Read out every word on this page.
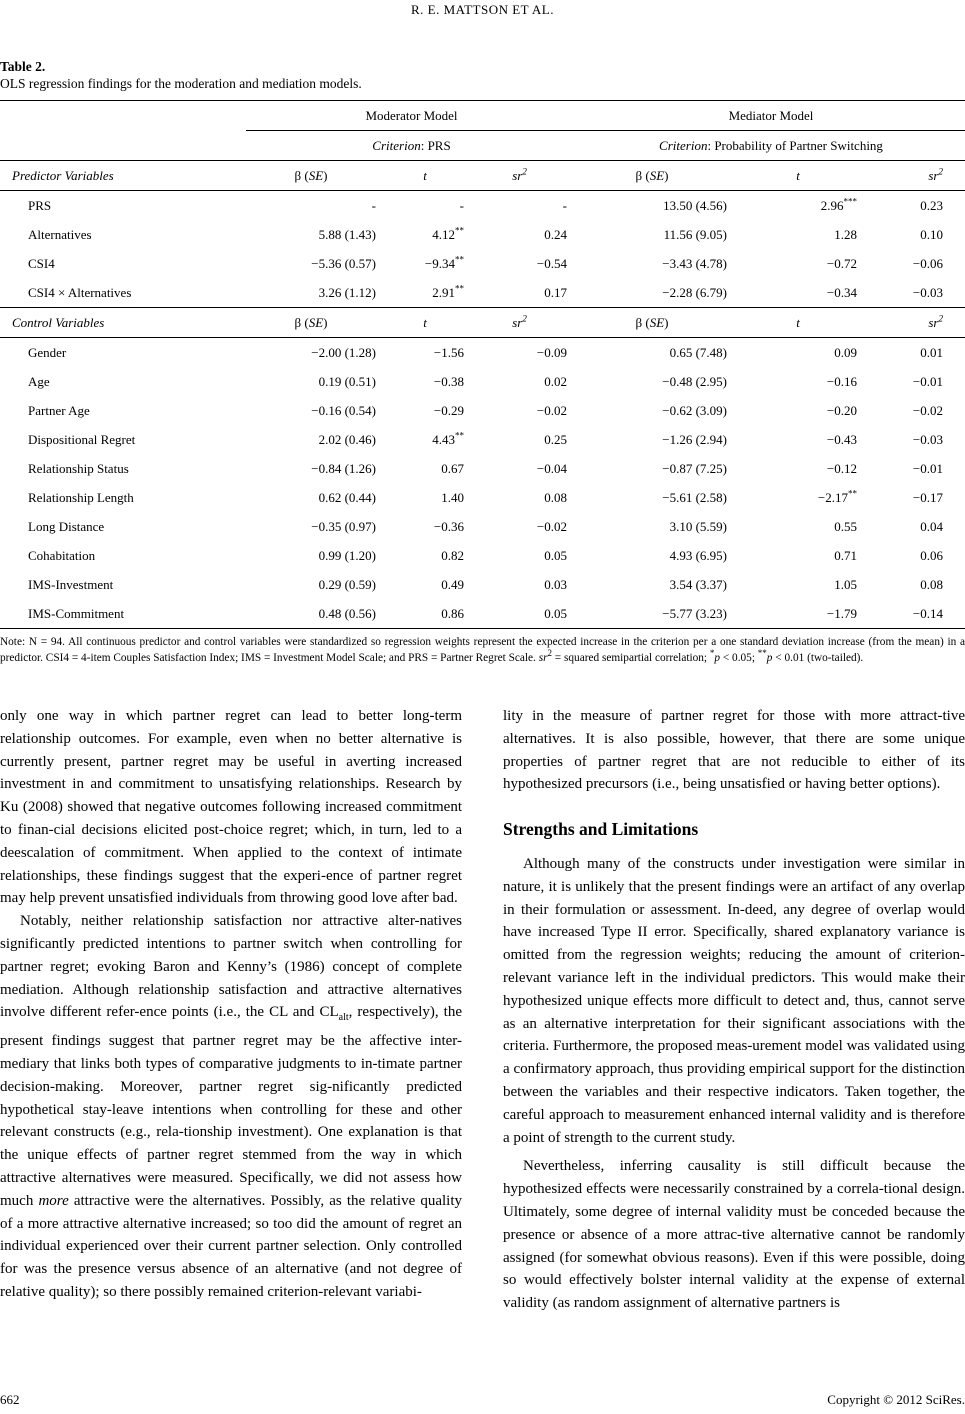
R. E. MATTSON ET AL.
Table 2.
OLS regression findings for the moderation and mediation models.
	Moderator Model			Mediator Model		
	Criterion: PRS			Criterion: Probability of Partner Switching		
Predictor Variables	β (SE)	t	$sr^2$	β (SE)	t	$sr^2$
PRS	-	-	-	13.50 (4.56)	2.96***	0.23
Alternatives	5.88 (1.43)	4.12**	0.24	11.56 (9.05)	1.28	0.10
CSI4	−5.36 (0.57)	−9.34**	−0.54	−3.43 (4.78)	−0.72	−0.06
CSI4 × Alternatives	3.26 (1.12)	2.91**	0.17	−2.28 (6.79)	−0.34	−0.03
Control Variables	β (SE)	t	$sr^2$	β (SE)	t	$sr^2$
Gender	−2.00 (1.28)	−1.56	−0.09	0.65 (7.48)	0.09	0.01
Age	0.19 (0.51)	−0.38	0.02	−0.48 (2.95)	−0.16	−0.01
Partner Age	−0.16 (0.54)	−0.29	−0.02	−0.62 (3.09)	−0.20	−0.02
Dispositional Regret	2.02 (0.46)	4.43**	0.25	−1.26 (2.94)	−0.43	−0.03
Relationship Status	−0.84 (1.26)	0.67	−0.04	−0.87 (7.25)	−0.12	−0.01
Relationship Length	0.62 (0.44)	1.40	0.08	−5.61 (2.58)	−2.17**	−0.17
Long Distance	−0.35 (0.97)	−0.36	−0.02	3.10 (5.59)	0.55	0.04
Cohabitation	0.99 (1.20)	0.82	0.05	4.93 (6.95)	0.71	0.06
IMS-Investment	0.29 (0.59)	0.49	0.03	3.54 (3.37)	1.05	0.08
IMS-Commitment	0.48 (0.56)	0.86	0.05	−5.77 (3.23)	−1.79	−0.14
Note: N = 94. All continuous predictor and control variables were standardized so regression weights represent the expected increase in the criterion per a one standard deviation increase (from the mean) in a predictor. CSI4 = 4-item Couples Satisfaction Index; IMS = Investment Model Scale; and PRS = Partner Regret Scale. $sr^2$ = squared semipartial correlation; *p < 0.05; **p < 0.01 (two-tailed).

only one way in which partner regret can lead to better long-term relationship outcomes. For example, even when no better alternative is currently present, partner regret may be useful in averting increased investment in and commitment to unsatisfying relationships. Research by Ku (2008) showed that negative outcomes following increased commitment to finan-cial decisions elicited post-choice regret; which, in turn, led to a deescalation of commitment. When applied to the context of intimate relationships, these findings suggest that the experi-ence of partner regret may help prevent unsatisfied individuals from throwing good love after bad.

Notably, neither relationship satisfaction nor attractive alter-natives significantly predicted intentions to partner switch when controlling for partner regret; evoking Baron and Kenny’s (1986) concept of complete mediation. Although relationship satisfaction and attractive alternatives involve different refer-ence points (i.e., the CL and $CL_{alt}$, respectively), the present findings suggest that partner regret may be the affective inter-mediary that links both types of comparative judgments to in-timate partner decision-making. Moreover, partner regret sig-nificantly predicted hypothetical stay-leave intentions when controlling for these and other relevant constructs (e.g., rela-tionship investment). One explanation is that the unique effects of partner regret stemmed from the way in which attractive alternatives were measured. Specifically, we did not assess how much more attractive were the alternatives. Possibly, as the relative quality of a more attractive alternative increased; so too did the amount of regret an individual experienced over their current partner selection. Only controlled for was the presence versus absence of an alternative (and not degree of relative quality); so there possibly remained criterion-relevant variabi-

lity in the measure of partner regret for those with more attract-tive alternatives. It is also possible, however, that there are some unique properties of partner regret that are not reducible to either of its hypothesized precursors (i.e., being unsatisfied or having better options).

Strengths and Limitations

Although many of the constructs under investigation were similar in nature, it is unlikely that the present findings were an artifact of any overlap in their formulation or assessment. In-deed, any degree of overlap would have increased Type II error. Specifically, shared explanatory variance is omitted from the regression weights; reducing the amount of criterion-relevant variance left in the individual predictors. This would make their hypothesized unique effects more difficult to detect and, thus, cannot serve as an alternative interpretation for their significant associations with the criteria. Furthermore, the proposed meas-urement model was validated using a confirmatory approach, thus providing empirical support for the distinction between the variables and their respective indicators. Taken together, the careful approach to measurement enhanced internal validity and is therefore a point of strength to the current study.

Nevertheless, inferring causality is still difficult because the hypothesized effects were necessarily constrained by a correla-tional design. Ultimately, some degree of internal validity must be conceded because the presence or absence of a more attrac-tive alternative cannot be randomly assigned (for somewhat obvious reasons). Even if this were possible, doing so would effectively bolster internal validity at the expense of external validity (as random assignment of alternative partners is

662	Copyright © 2012 SciRes.
